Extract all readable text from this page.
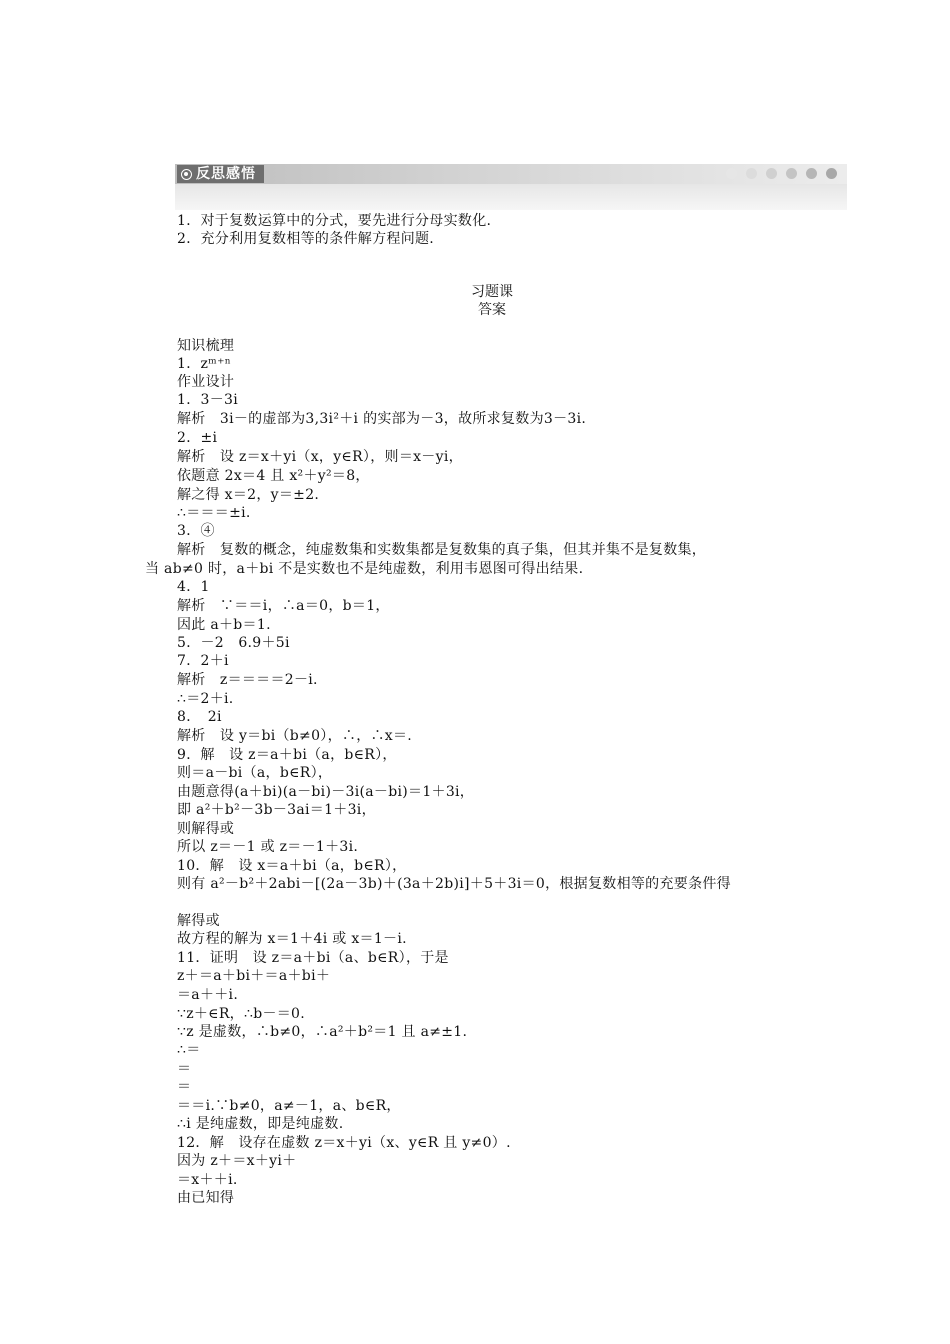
反思感悟
1．对于复数运算中的分式，要先进行分母实数化.
2．充分利用复数相等的条件解方程问题.
习题课
答案
知识梳理
1．zᵐ⁺ⁿ
作业设计
1．3－3i
解析　3i－的虚部为3,3i²＋i 的实部为－3，故所求复数为3－3i.
2．±i
解析　设 z＝x＋yi（x，y∈R），则＝x－yi，
依题意 2x＝4 且 x²＋y²＝8，
解之得 x＝2，y＝±2.
∴＝＝＝±i.
3．④
解析　复数的概念，纯虚数集和实数集都是复数集的真子集，但其并集不是复数集，
当 ab≠0 时，a＋bi 不是实数也不是纯虚数，利用韦恩图可得出结果.
4．1
解析　∵＝＝i，∴a＝0，b＝1，
因此 a＋b＝1.
5．－2　6.9＋5i
7．2＋i
解析　z＝＝＝＝2－i.
∴＝2＋i.
8．　2i
解析　设 y＝bi（b≠0），∴，∴x＝.
9．解　设 z＝a＋bi（a，b∈R），
则＝a－bi（a，b∈R），
由题意得(a＋bi)(a－bi)－3i(a－bi)＝1＋3i，
即 a²＋b²－3b－3ai＝1＋3i，
则解得或
所以 z＝－1 或 z＝－1＋3i.
10．解　设 x＝a＋bi（a，b∈R），
则有 a²－b²＋2abi－[(2a－3b)＋(3a＋2b)i]＋5＋3i＝0，根据复数相等的充要条件得
解得或
故方程的解为 x＝1＋4i 或 x＝1－i.
11．证明　设 z＝a＋bi（a、b∈R），于是
z＋＝a＋bi＋＝a＋bi＋
＝a＋＋i.
∵z＋∈R，∴b－＝0.
∵z 是虚数，∴b≠0，∴a²＋b²＝1 且 a≠±1.
∴＝
＝
＝
＝＝i.∵b≠0，a≠－1，a、b∈R，
∴i 是纯虚数，即是纯虚数.
12．解　设存在虚数 z＝x＋yi（x、y∈R 且 y≠0）.
因为 z＋＝x＋yi＋
＝x＋＋i.
由已知得
